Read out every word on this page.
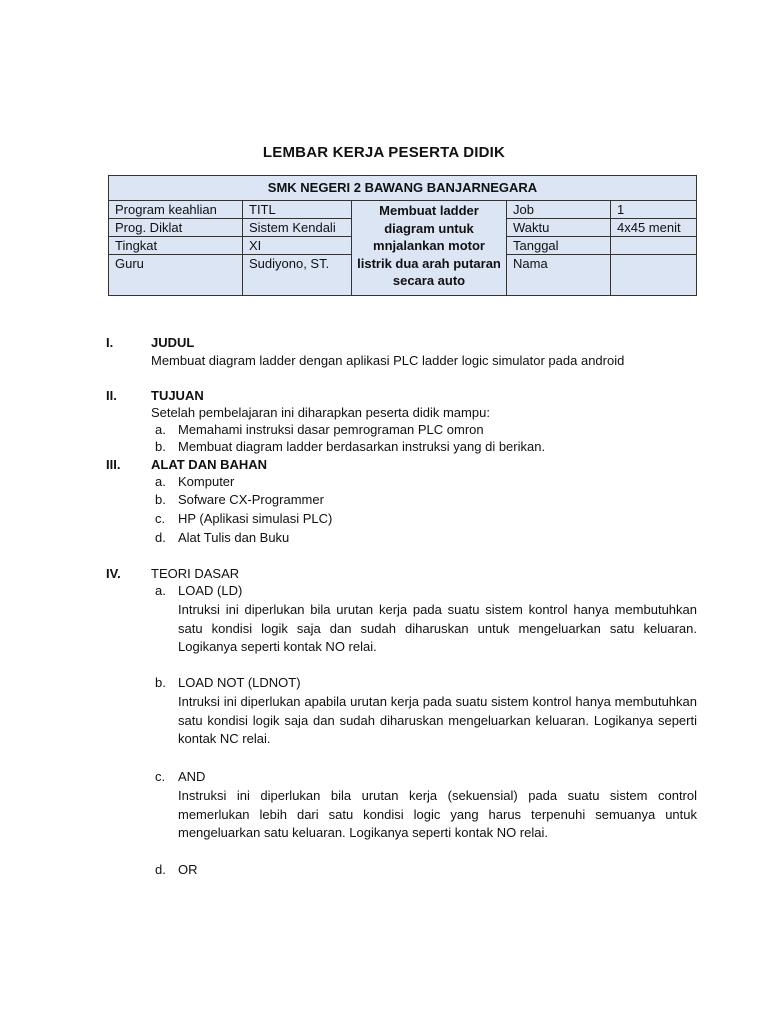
LEMBAR KERJA PESERTA DIDIK
SMK NEGERI 2 BAWANG BANJARNEGARA				
Program keahlian	TITL	Membuat ladder diagram untuk mnjalankan motor listrik dua arah putaran secara auto	Job	1
Prog. Diklat	Sistem Kendali		Waktu	4x45 menit
Tingkat	XI		Tanggal	
Guru	Sudiyono, ST.		Nama	
I.	JUDUL
Membuat diagram ladder dengan aplikasi PLC ladder logic simulator pada android
II.	TUJUAN
Setelah pembelajaran ini diharapkan peserta didik mampu:
a. Memahami instruksi dasar pemrograman PLC omron
b. Membuat diagram ladder berdasarkan instruksi yang di berikan.
III. ALAT DAN BAHAN
a. Komputer
b. Sofware CX-Programmer
c. HP (Aplikasi simulasi PLC)
d. Alat Tulis dan Buku
IV. TEORI DASAR
a. LOAD (LD)
Intruksi ini diperlukan bila urutan kerja pada suatu sistem kontrol hanya membutuhkan satu kondisi logik saja dan sudah diharuskan untuk mengeluarkan satu keluaran. Logikanya seperti kontak NO relai.
b. LOAD NOT (LDNOT)
Intruksi ini diperlukan apabila urutan kerja pada suatu sistem kontrol hanya membutuhkan satu kondisi logik saja dan sudah diharuskan mengeluarkan keluaran. Logikanya seperti kontak NC relai.
c. AND
Instruksi ini diperlukan bila urutan kerja (sekuensial) pada suatu sistem control memerlukan lebih dari satu kondisi logic yang harus terpenuhi semuanya untuk mengeluarkan satu keluaran. Logikanya seperti kontak NO relai.
d. OR
